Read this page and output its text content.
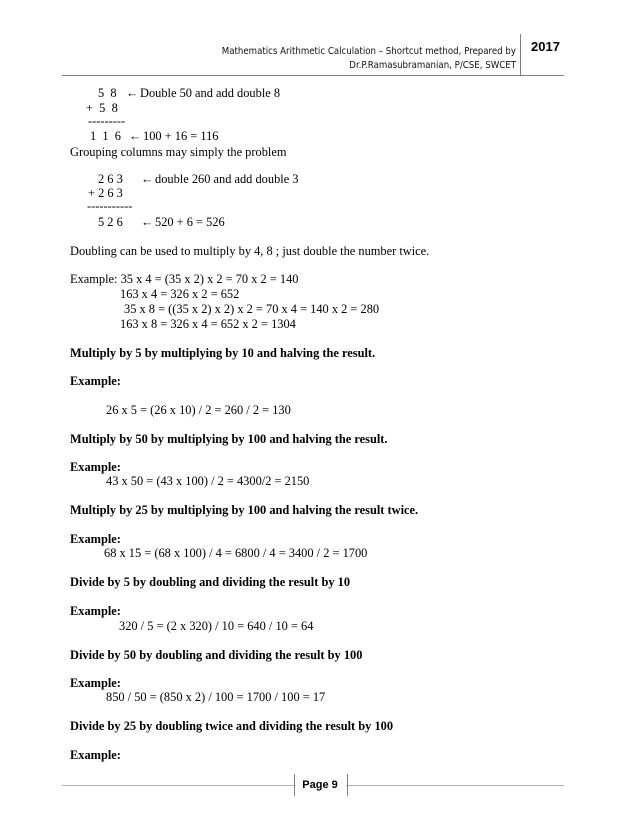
Mathematics Arithmetic Calculation – Shortcut method, Prepared by
Dr.P.Ramasubramanian, P/CSE, SWCET
2017
5  8 ← Double 50 and add double 8
+  5  8
---------
1  1  6 ← 100 + 16 = 116
Grouping columns may simply the problem
2 6 3 ← double 260 and add double 3
+ 2 6 3
-----------
5 2 6 ← 520 + 6 = 526
Doubling can be used to multiply by 4, 8 ; just double the number twice.
Example: 35 x 4 = (35 x 2) x 2 = 70 x 2 = 140
163 x 4 = 326 x 2 = 652
35 x 8 = ((35 x 2) x 2) x 2 = 70 x 4 = 140 x 2 = 280
163 x 8 = 326 x 4 = 652 x 2 = 1304
Multiply by 5 by multiplying by 10 and halving the result.
Example:
26 x 5 = (26 x 10) / 2 = 260 / 2 = 130
Multiply by 50 by multiplying by 100 and halving the result.
Example:
43 x 50 = (43 x 100) / 2 = 4300/2 = 2150
Multiply by 25 by multiplying by 100 and halving the result twice.
Example:
68 x 15 = (68 x 100) / 4 = 6800 / 4 = 3400 / 2 = 1700
Divide by 5 by doubling and dividing the result by 10
Example:
320 / 5 = (2 x 320) / 10 = 640 / 10 = 64
Divide by 50 by doubling and dividing the result by 100
Example:
850 / 50 = (850 x 2) / 100 = 1700 / 100 = 17
Divide by 25 by doubling twice and dividing the result by 100
Example:
Page 9
